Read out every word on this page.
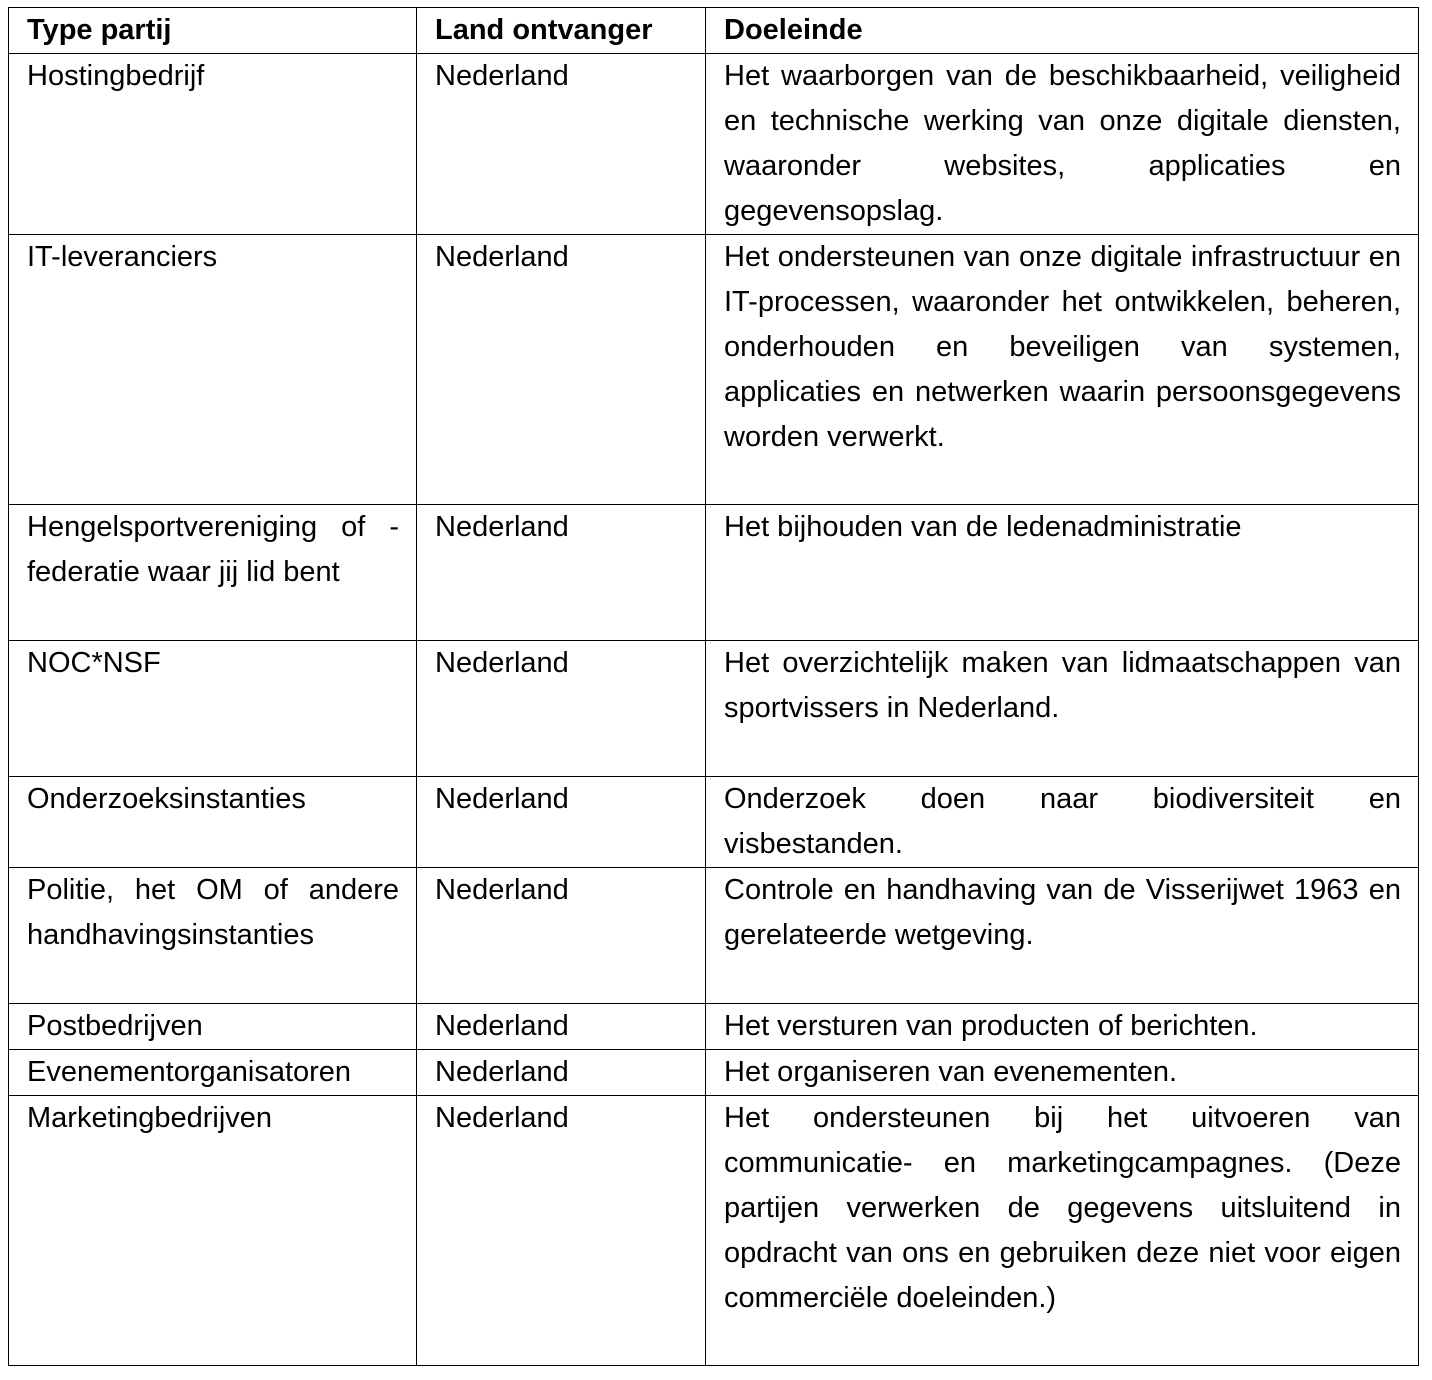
Type partij	Land ontvanger	Doeleinde
Hostingbedrijf	Nederland	Het waarborgen van de beschikbaarheid, veiligheid en technische werking van onze digitale diensten, waaronder websites, applicaties en gegevensopslag.
IT-leveranciers	Nederland	Het ondersteunen van onze digitale infrastructuur en IT-processen, waaronder het ontwikkelen, beheren, onderhouden en beveiligen van systemen, applicaties en netwerken waarin persoonsgegevens worden verwerkt.
Hengelsportvereniging of -federatie waar jij lid bent	Nederland	Het bijhouden van de ledenadministratie
NOC*NSF	Nederland	Het overzichtelijk maken van lidmaatschappen van sportvissers in Nederland.
Onderzoeksinstanties	Nederland	Onderzoek doen naar biodiversiteit en visbestanden.
Politie, het OM of andere handhavingsinstanties	Nederland	Controle en handhaving van de Visserijwet 1963 en gerelateerde wetgeving.
Postbedrijven	Nederland	Het versturen van producten of berichten.
Evenementorganisatoren	Nederland	Het organiseren van evenementen.
Marketingbedrijven	Nederland	Het ondersteunen bij het uitvoeren van communicatie- en marketingcampagnes. (Deze partijen verwerken de gegevens uitsluitend in opdracht van ons en gebruiken deze niet voor eigen commerciële doeleinden.)
